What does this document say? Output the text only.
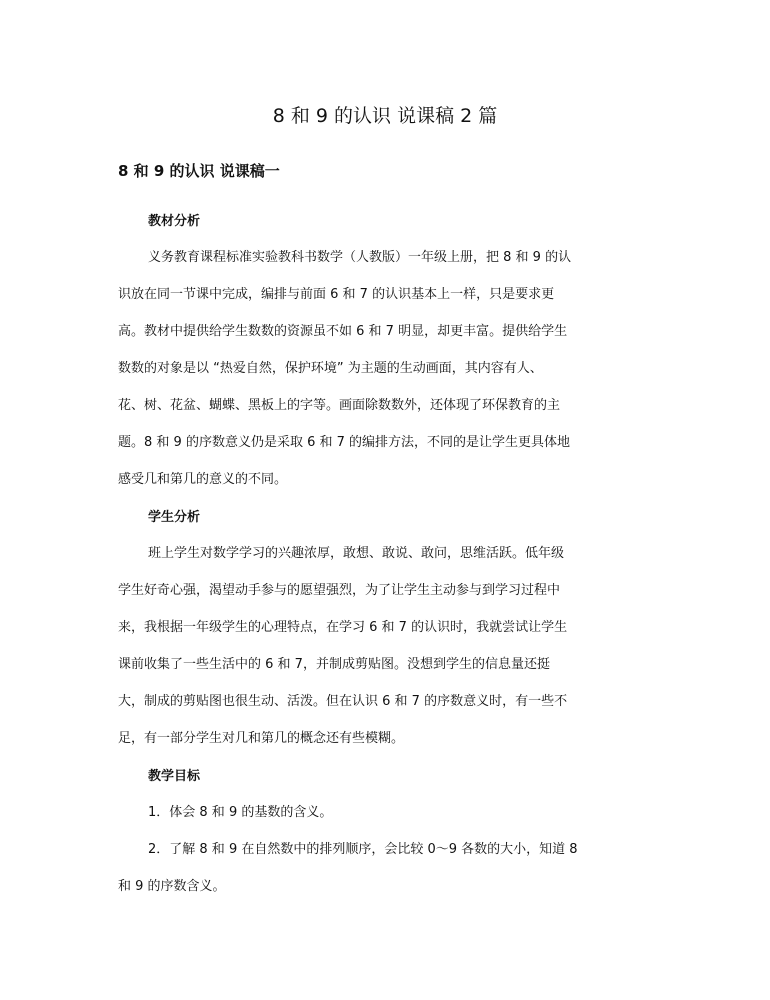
8 和 9 的认识 说课稿 2 篇
8 和 9 的认识 说课稿一
教材分析
义务教育课程标准实验教科书数学（人教版）一年级上册，把 8 和 9 的认
识放在同一节课中完成，编排与前面 6 和 7 的认识基本上一样，只是要求更
高。教材中提供给学生数数的资源虽不如 6 和 7 明显，却更丰富。提供给学生
数数的对象是以 “热爱自然，保护环境” 为主题的生动画面，其内容有人、
花、树、花盆、蝴蝶、黑板上的字等。画面除数数外，还体现了环保教育的主
题。8 和 9 的序数意义仍是采取 6 和 7 的编排方法，不同的是让学生更具体地
感受几和第几的意义的不同。
学生分析
班上学生对数学学习的兴趣浓厚，敢想、敢说、敢问，思维活跃。低年级
学生好奇心强，渴望动手参与的愿望强烈，为了让学生主动参与到学习过程中
来，我根据一年级学生的心理特点，在学习 6 和 7 的认识时，我就尝试让学生
课前收集了一些生活中的 6 和 7，并制成剪贴图。没想到学生的信息量还挺
大，制成的剪贴图也很生动、活泼。但在认识 6 和 7 的序数意义时，有一些不
足，有一部分学生对几和第几的概念还有些模糊。
教学目标
1．体会 8 和 9 的基数的含义。
2．了解 8 和 9 在自然数中的排列顺序，会比较 0～9 各数的大小，知道 8
和 9 的序数含义。
